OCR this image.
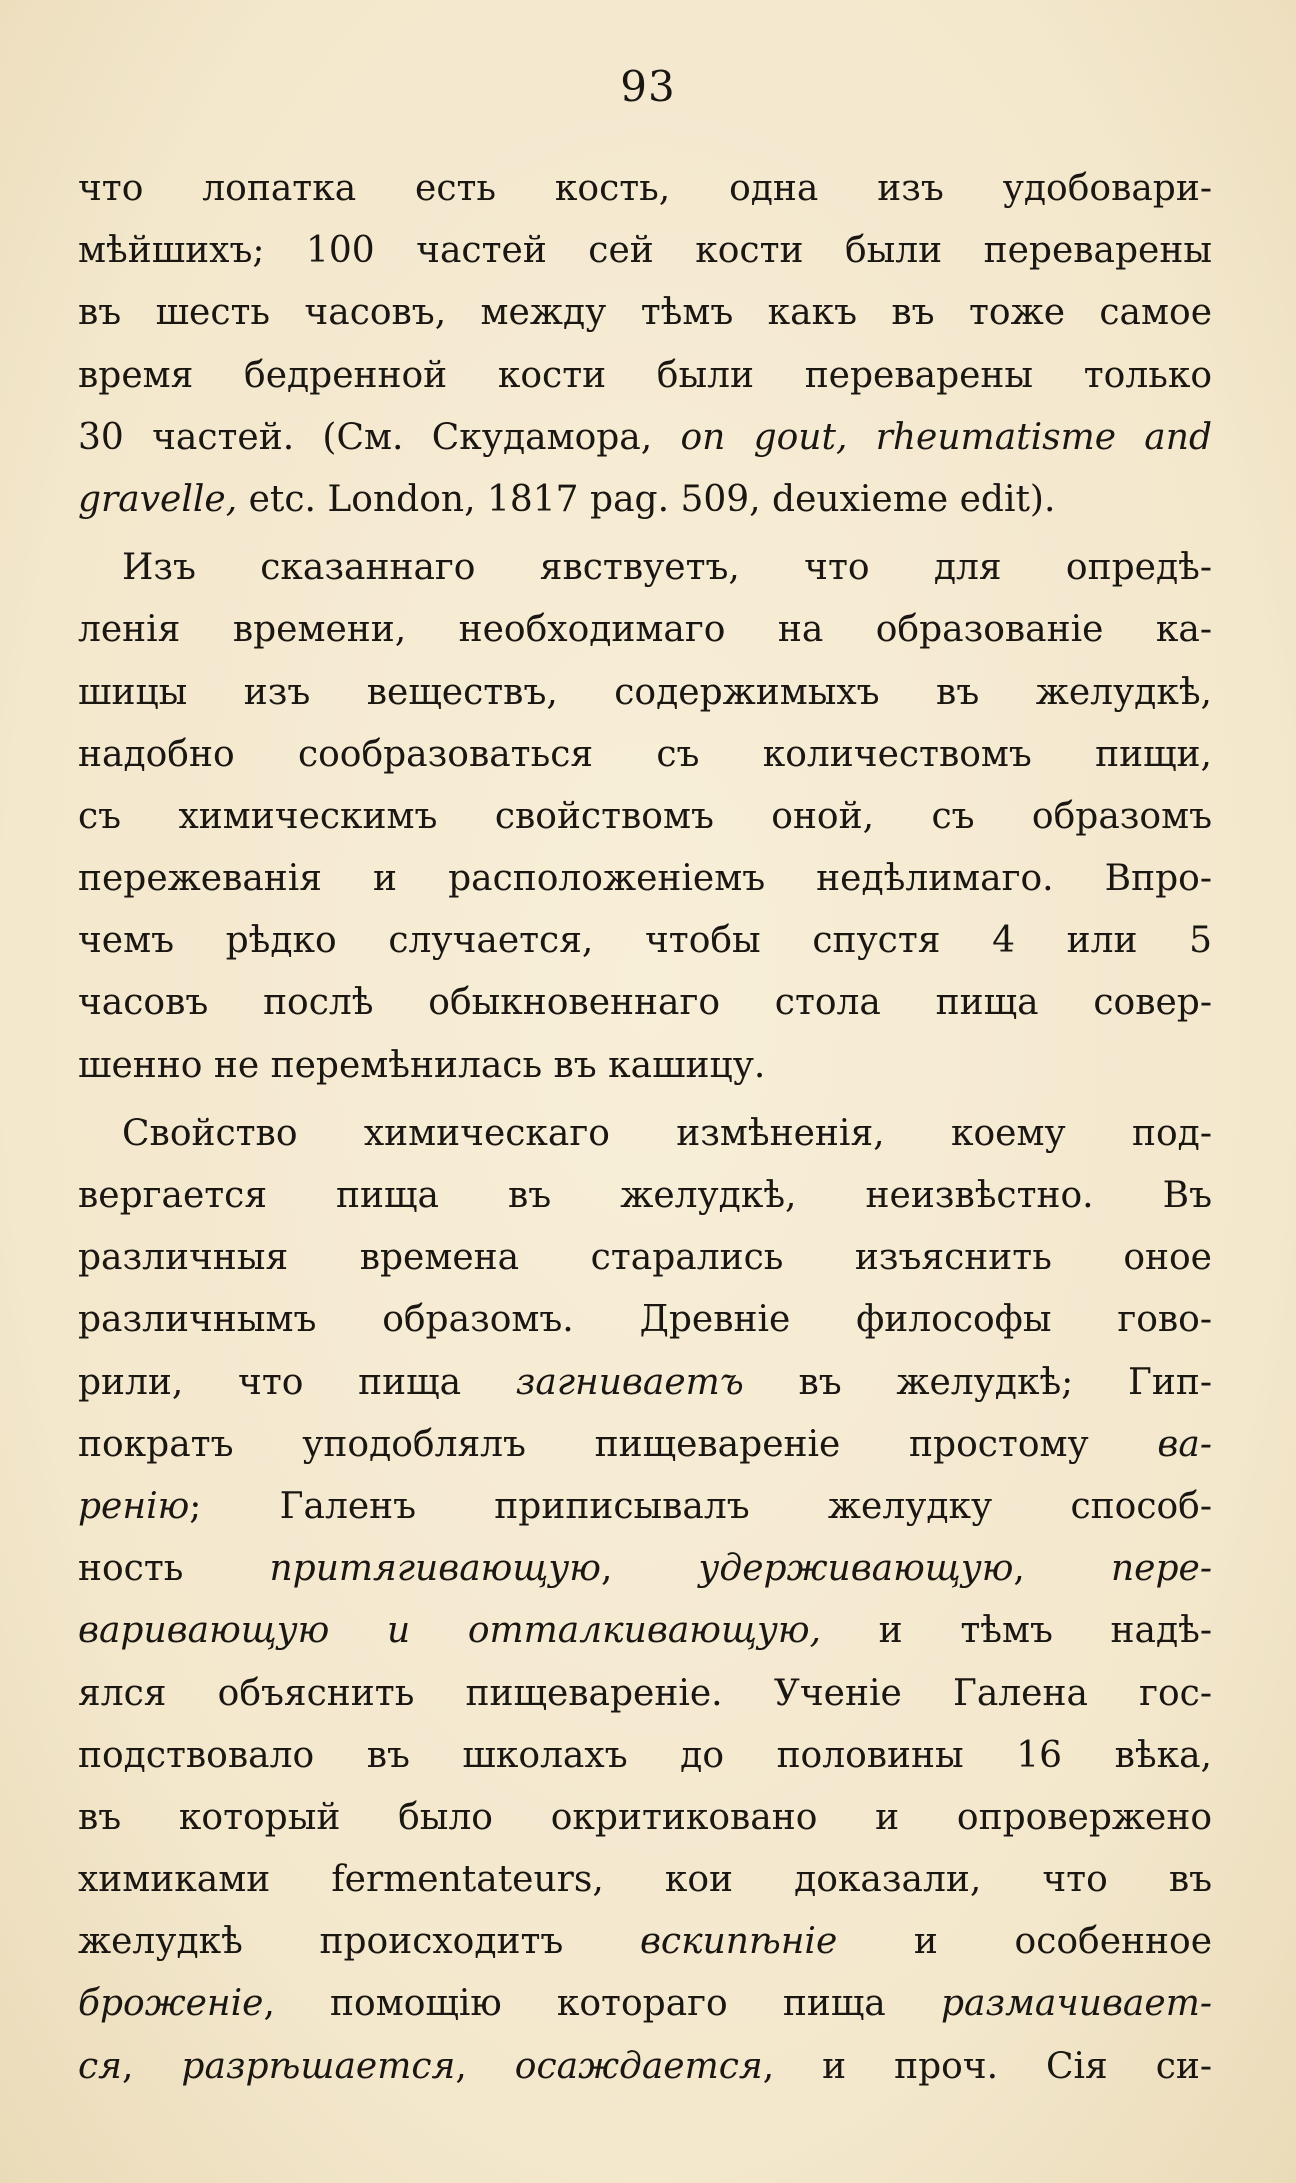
93
что лопатка есть кость, одна изъ удобовари-
мѣйшихъ; 100 частей сей кости были переварены
въ шесть часовъ, между тѣмъ какъ въ тоже самое
время бедренной кости были переварены только
30 частей. (См. Скудамора, on gout, rheumatisme and
gravelle, etc. London, 1817 pag. 509, deuxieme edit).
Изъ сказаннаго явствуетъ, что для опредѣ-
ленія времени, необходимаго на образованіе ка-
шицы изъ веществъ, содержимыхъ въ желудкѣ,
надобно сообразоваться съ количествомъ пищи,
съ химическимъ свойствомъ оной, съ образомъ
пережеванія и расположеніемъ недѣлимаго. Впро-
чемъ рѣдко случается, чтобы спустя 4 или 5
часовъ послѣ обыкновеннаго стола пища совер-
шенно не перемѣнилась въ кашицу.
Свойство химическаго измѣненія, коему под-
вергается пища въ желудкѣ, неизвѣстно. Въ
различныя времена старались изъяснить оное
различнымъ образомъ. Древніе философы гово-
рили, что пища загниваетъ въ желудкѣ; Гип-
пократъ уподоблялъ пищевареніе простому ва-
ренію; Галенъ приписывалъ желудку способ-
ность притягивающую, удерживающую, пере-
варивающую и отталкивающую, и тѣмъ надѣ-
ялся объяснить пищевареніе. Ученіе Галена гос-
подствовало въ школахъ до половины 16 вѣка,
въ который было окритиковано и опровержено
химиками fermentateurs, кои доказали, что въ
желудкѣ происходитъ вскипѣніе и особенное
броженіе, помощію котораго пища размачивает-
ся, разрѣшается, осаждается, и проч. Сія си-
